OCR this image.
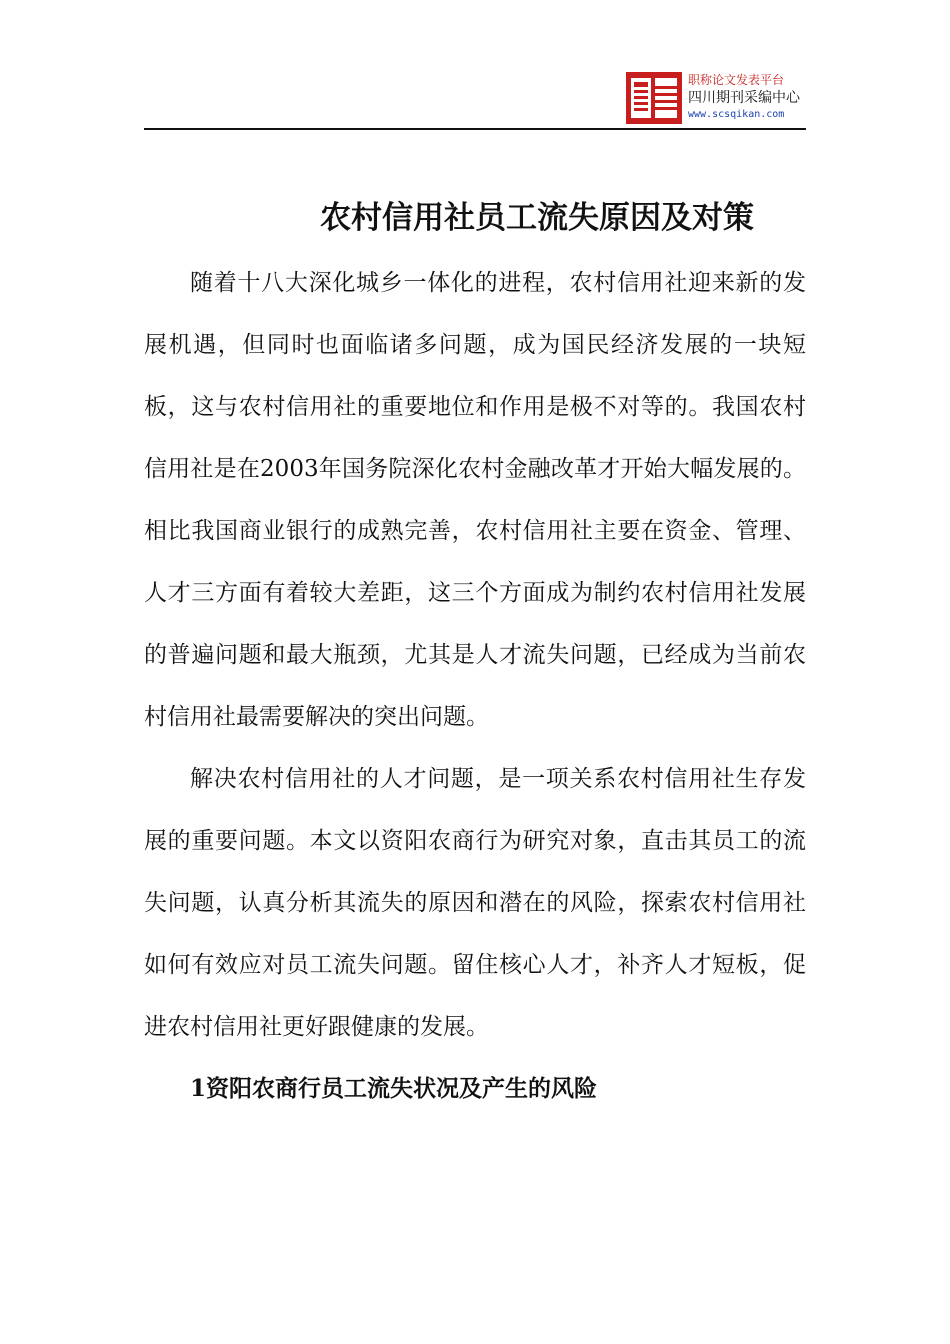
职称论文发表平台
四川期刊采编中心
www.scsqikan.com
农村信用社员工流失原因及对策

随着十八大深化城乡一体化的进程，农村信用社迎来新的发展机遇，但同时也面临诸多问题，成为国民经济发展的一块短板，这与农村信用社的重要地位和作用是极不对等的。我国农村信用社是在2003年国务院深化农村金融改革才开始大幅发展的。相比我国商业银行的成熟完善，农村信用社主要在资金、管理、人才三方面有着较大差距，这三个方面成为制约农村信用社发展的普遍问题和最大瓶颈，尤其是人才流失问题，已经成为当前农村信用社最需要解决的突出问题。

解决农村信用社的人才问题，是一项关系农村信用社生存发展的重要问题。本文以资阳农商行为研究对象，直击其员工的流失问题，认真分析其流失的原因和潜在的风险，探索农村信用社如何有效应对员工流失问题。留住核心人才，补齐人才短板，促进农村信用社更好跟健康的发展。

1资阳农商行员工流失状况及产生的风险
